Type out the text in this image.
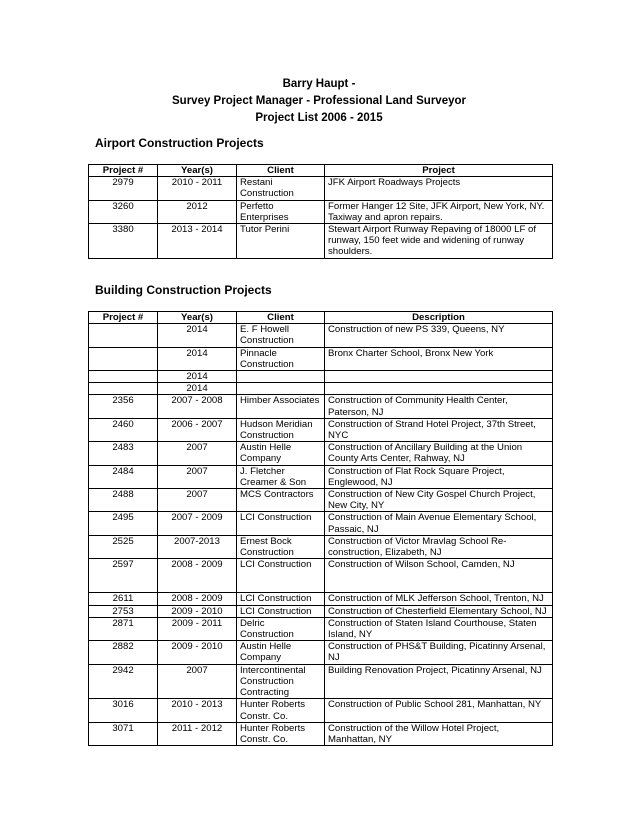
Barry Haupt -
Survey Project Manager - Professional Land Surveyor
Project List 2006 - 2015
Airport Construction Projects
Project #	Year(s)	Client	Project
2979	2010 - 2011	Restani Construction	JFK Airport Roadways Projects
3260	2012	Perfetto Enterprises	Former Hanger 12 Site, JFK Airport, New York, NY. Taxiway and apron repairs.
3380	2013 - 2014	Tutor Perini	Stewart Airport Runway Repaving of 18000 LF of runway, 150 feet wide and widening of runway shoulders.
Building Construction Projects
Project #	Year(s)	Client	Description
	2014	E. F Howell Construction	Construction of new PS 339, Queens, NY
	2014	Pinnacle Construction	Bronx Charter School, Bronx New York
	2014		
	2014		
2356	2007 - 2008	Himber Associates	Construction of Community Health Center, Paterson, NJ
2460	2006 - 2007	Hudson Meridian Construction	Construction of Strand Hotel Project, 37th Street, NYC
2483	2007	Austin Helle Company	Construction of Ancillary Building at the Union County Arts Center, Rahway, NJ
2484	2007	J. Fletcher Creamer & Son	Construction of Flat Rock Square Project, Englewood, NJ
2488	2007	MCS Contractors	Construction of New City Gospel Church Project, New City, NY
2495	2007 - 2009	LCI Construction	Construction of Main Avenue Elementary School, Passaic, NJ
2525	2007-2013	Ernest Bock Construction	Construction of Victor Mravlag School Re-construction, Elizabeth, NJ
2597	2008 - 2009	LCI Construction	Construction of Wilson School, Camden, NJ

2611	2008 - 2009	LCI Construction	Construction of MLK Jefferson School, Trenton, NJ
2753	2009 - 2010	LCI Construction	Construction of Chesterfield Elementary School, NJ
2871	2009 - 2011	Delric Construction	Construction of Staten Island Courthouse, Staten Island, NY
2882	2009 - 2010	Austin Helle Company	Construction of PHS&T Building, Picatinny Arsenal, NJ
2942	2007	Intercontinental Construction Contracting	Building Renovation Project, Picatinny Arsenal, NJ
3016	2010 - 2013	Hunter Roberts Constr. Co.	Construction of Public School 281, Manhattan, NY
3071	2011 - 2012	Hunter Roberts Constr. Co.	Construction of the Willow Hotel Project, Manhattan, NY
